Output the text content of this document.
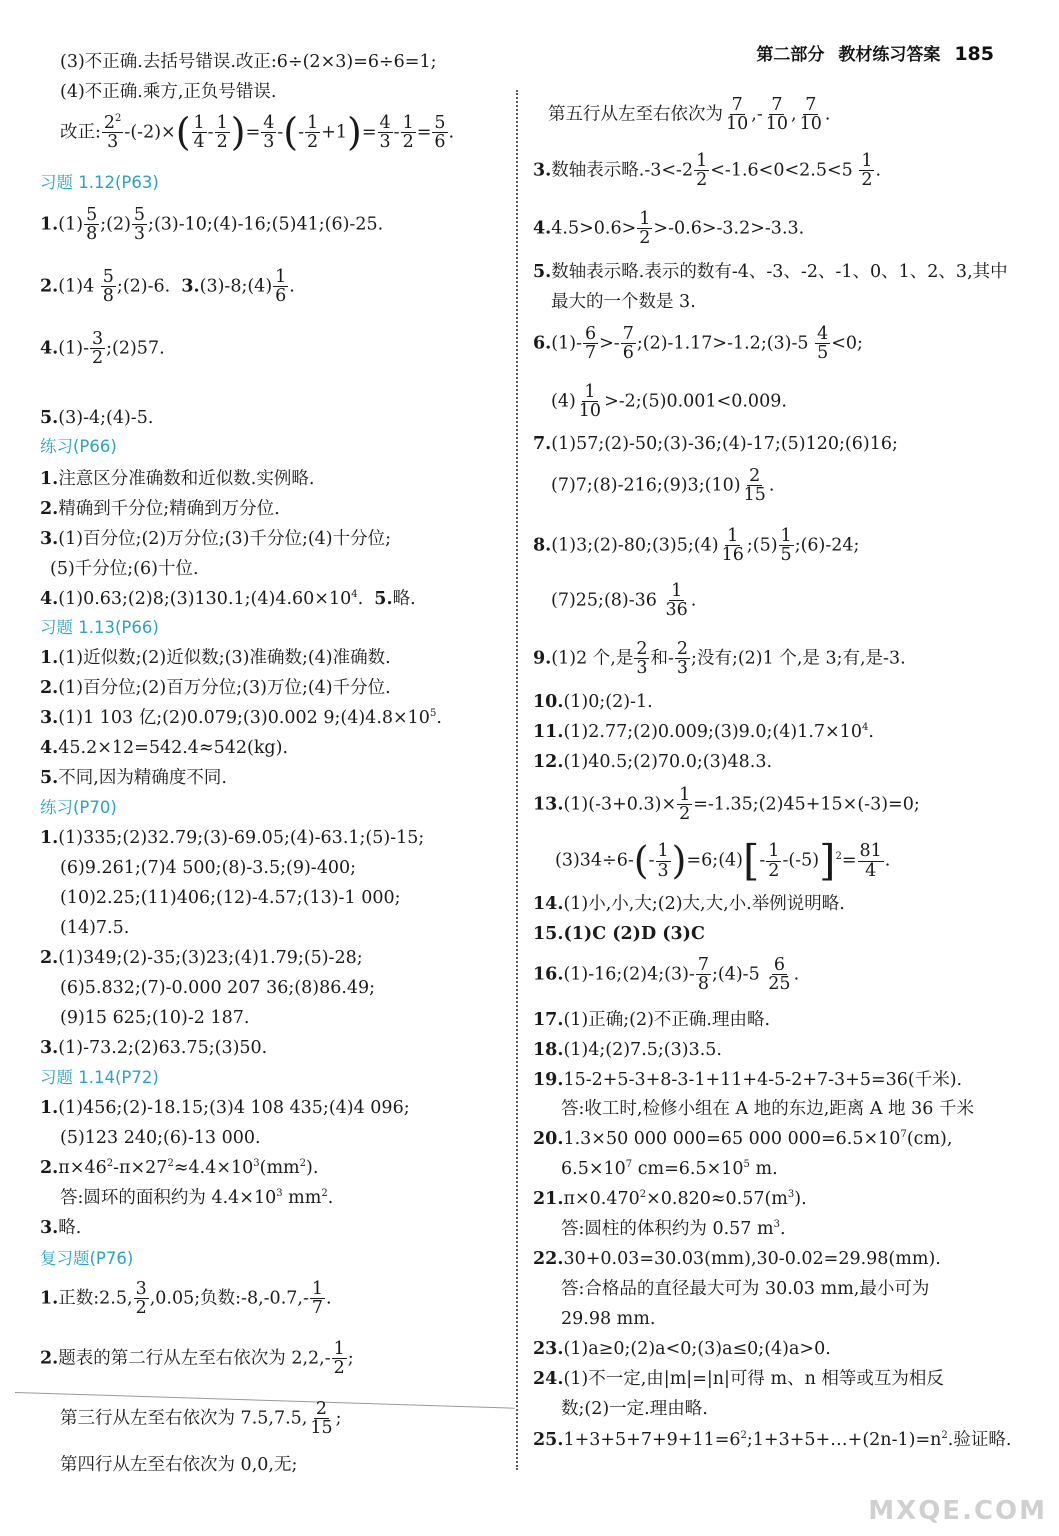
第二部分 教材练习答案 185
(3)不正确.去括号错误.改正:6÷(2×3)=6÷6=1;
(4)不正确.乘方,正负号错误.
改正: $\frac{2^2}{3} -(-2)\times( \frac{1}{4} - \frac{1}{2}$ )= $\frac{4}{3}$ -(- $\frac{1}{2} +1)= \frac{4}{3} - \frac{1}{2} = \frac{5}{6}$ .
习题 1.12(P63)
$1.(1) \frac{5}{8}$ ;(2) $\frac{5}{3}$ ;(3)-10;(4)-16;(5)41;(6)-25.
$2.(1)4 \frac{5}{8}$ ;(2)-6.  3.(3)-8;(4) $\frac{1}{6}$ .
$4.(1)- \frac{3}{2}$ ;(2)57.
5.(3)-4;(4)-5.
练习(P66)
1.注意区分准确数和近似数.实例略.
2.精确到千分位;精确到万分位.
3.(1)百分位;(2)万分位;(3)千分位;(4)十分位;
(5)千分位;(6)十位.
$4.(1)0.63;(2)8;(3)130.1;(4)4.60\times 10^4$.  5.略.
习题 1.13(P66)
1.(1)近似数;(2)近似数;(3)准确数;(4)准确数.
2.(1)百分位;(2)百万分位;(3)万位;(4)千分位.
3.(1)1 103 亿;(2)0.079;(3)0.002 $9;(4)4.8\times 10^5$.
4.45.2×12=542.4≈542(kg).
5.不同,因为精确度不同.
练习(P70)
1.(1)335;(2)32.79;(3)-69.05;(4)-63.1;(5)-15;
(6)9.261;(7)4 500;(8)-3.5;(9)-400;
(10)2.25;(11)406;(12)-4.57;(13)-1 000;
(14)7.5.
2.(1)349;(2)-35;(3)23;(4)1.79;(5)-28;
(6)5.832;(7)-0.000 207 36;(8)86.49;
(9)15 625;(10)-2 187.
3.(1)-73.2;(2)63.75;(3)50.
习题 1.14(P72)
1.(1)456;(2)-18.15;(3)4 108 435;(4)4 096;
(5)123 240;(6)-13 000.
$2.\pi\times 46^2-\pi\times 27^2\approx 4.4\times 10^3(mm^2)$.
答:圆环的面积约为 $4.4\times 10^3$ $mm^2$.
3.略.
复习题(P76)
1.正数:2.5, $\frac{3}{2} ,0.05$;负数:-8,-0.7,- $\frac{1}{7}$ .
2.题表的第二行从左至右依次为 $2,2,- \frac{1}{2}$ ;
第三行从左至右依次为 7.5,7.5, $\frac{2}{15}$ ;
第四行从左至右依次为 0,0,无;
第五行从左至右依次为 $\frac{7}{10}$ ,- $\frac{7}{10}$ , $\frac{7}{10}$ .
3.数轴表示略$.-3<-2 \frac{1}{2} <-1.6<0<2.5<5 \frac{1}{2}$ .
$4.4.5>0.6> \frac{1}{2} >-0.6>-3.2>-3.3$.
5.数轴表示略.表示的数有-4、-3、-2、-1、0、1、2、3,其中
最大的一个数是 3.
$6.(1)- \frac{6}{7} >- \frac{7}{6}$ ;(2)-1.17>-1.2;(3)-5 $\frac{4}{5} <0$;
$(4) \frac{1}{10}$ >-2;(5)0.001<0.009.
7.(1)57;(2)-50;(3)-36;(4)-17;(5)120;(6)16;
(7)7;(8)-216;(9)3;(10) $\frac{2}{15}$ .
8.(1)3;(2)-80;(3)5;(4) $\frac{1}{16}$ ;(5) $\frac{1}{5}$ ;(6)-24;
(7)25;(8)-36 $\frac{1}{36}$ .
9.(1)2 个,是 $\frac{2}{3}$ 和- $\frac{2}{3}$ ;没有;(2)1 个,是 3;有,是-3.
10.(1)0;(2)-1.
$11.(1)2.77;(2)0.009;(3)9.0;(4)1.7\times 10^4$.
12.(1)40.5;(2)70.0;(3)48.3.
$13.(1)(-3+0.3)\times \frac{1}{2}$ =-1.35;(2)45+15×(-3)=0;
$(3)34\div 6-(- \frac{1}{3}$ )=6;(4)[- $\frac{1}{2} -(-5)]^2= \frac{81}{4}$ .
14.(1)小,小,大;(2)大,大,小.举例说明略.
15.(1)C (2)D (3)C
16.(1)-16;(2)4;(3)- $\frac{7}{8}$ ;(4)-5 $\frac{6}{25}$ .
17.(1)正确;(2)不正确.理由略.
18.(1)4;(2)7.5;(3)3.5.
19.15-2+5-3+8-3-1+11+4-5-2+7-3+5=36(千米).
答:收工时,检修小组在 A 地的东边,距离 A 地 36 千米
20.1.3×50 000 000=65 000 $000=6.5\times 10^7(cm)$,
$6.5\times 10^7$ $cm=6.5\times 10^5$ m.
$21.\pi\times 0.470^2\times 0.820\approx 0.57(m^3)$.
答:圆柱的体积约为 0.57 $m^3$.
22.30+0.03=30.03(mm),30-0.02=29.98(mm).
答:合格品的直径最大可为 30.03 mm,最小可为
29.98 mm.
23.(1)a≥0;(2)a<0;(3)a≤0;(4)a>0.
24.(1)不一定,由|m|=|n|可得 m、n 相等或互为相反
数;(2)一定.理由略.
$25.1+3+5+7+9+11=6^2;1+3+5+\dots+(2n-1)=n^2$.验证略.
MXQE.COM
